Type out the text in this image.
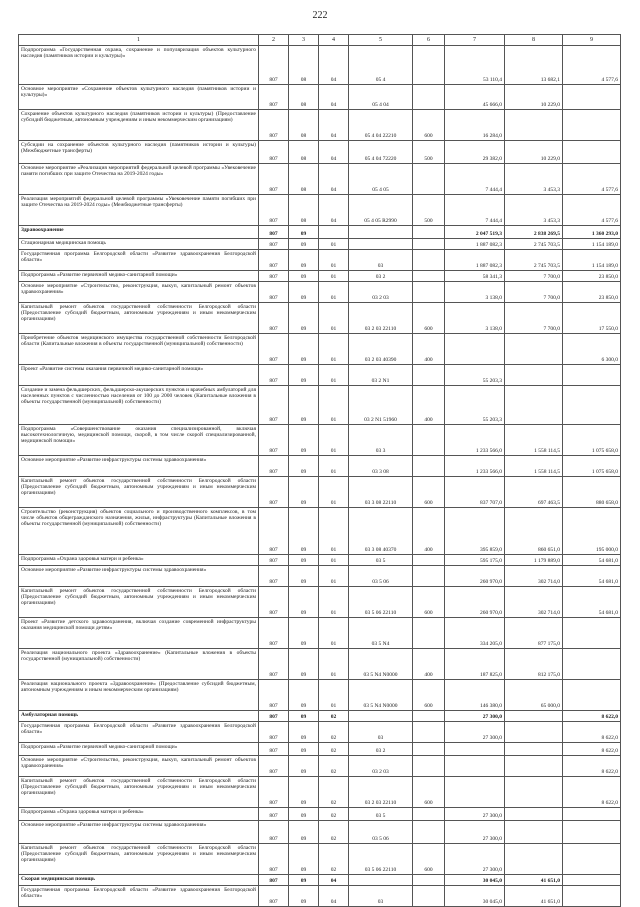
222
1	2	3	4	5	6	7	8	9
Подпрограмма «Государственная охрана, сохранение и популяризация объектов культурного наследия (памятников истории и культуры)»	807	08	04	05 4		53 110,4	13 682,1	4 577,6
Основное мероприятие «Сохранение объектов культурного наследия (памятников истории и культуры)»	807	08	04	05 4 04		45 666,0	10 229,0	
Сохранение объектов культурного наследия (памятников истории и культуры) (Предоставление субсидий бюджетным, автономным учреждениям и иным некоммерческим организациям)	807	08	04	05 4 04 22210	600	16 284,0		
Субсидии на сохранение объектов культурного наследия (памятников истории и культуры) (Межбюджетные трансферты)	807	08	04	05 4 04 72220	500	29 382,0	10 229,0	
Основное мероприятие «Реализация мероприятий федеральной целевой программы «Увековечение памяти погибших при защите Отечества на 2019-2024 годы»	807	08	04	05 4 05		7 444,4	3 453,3	4 577,6
Реализация мероприятий федеральной целевой программы «Увековечение памяти погибших при защите Отечества на 2019-2024 годы» (Межбюджетные трансферты)	807	08	04	05 4 05 R2990	500	7 444,4	3 453,3	4 577,6
Здравоохранение	807	09				2 047 519,3	2 838 269,5	1 360 293,0
Стационарная медицинская помощь	807	09	01			1 887 082,3	2 745 703,5	1 154 189,0
Государственная программа Белгородской области «Развитие здравоохранения Белгородской области»	807	09	01	03		1 887 082,3	2 745 703,5	1 154 189,0
Подпрограмма «Развитие первичной медико-санитарной помощи»	807	09	01	03 2		58 341,3	7 700,0	23 850,0
Основное мероприятие «Строительство, реконструкция, выкуп, капитальный ремонт объектов здравоохранения»	807	09	01	03 2 03		3 138,0	7 700,0	23 850,0
Капитальный ремонт объектов государственной собственности Белгородской области (Предоставление субсидий бюджетным, автономным учреждениям и иным некоммерческим организациям)	807	09	01	03 2 03 22110	600	3 138,0	7 700,0	17 550,0
Приобретение объектов медицинского имущества государственной собственности Белгородской области (Капитальные вложения в объекты государственной (муниципальной) собственности)	807	09	01	03 2 03 40390	400			6 300,0
Проект «Развитие системы оказания первичной медико-санитарной помощи»	807	09	01	03 2 N1		55 203,3		
Создание и замена фельдшерских, фельдшерско-акушерских пунктов и врачебных амбулаторий для населенных пунктов с численностью населения от 100 до 2000 человек (Капитальные вложения в объекты государственной (муниципальной) собственности)	807	09	01	03 2 N1 51960	400	55 203,3		
Подпрограмма «Совершенствование оказания специализированной, включая высокотехнологичную, медицинской помощи, скорой, в том числе скорой специализированной, медицинской помощи»	807	09	01	03 3		1 233 566,0	1 558 114,5	1 075 658,0
Основное мероприятие «Развитие инфраструктуры системы здравоохранения»	807	09	01	03 3 08		1 233 566,0	1 558 114,5	1 075 658,0
Капитальный ремонт объектов государственной собственности Белгородской области (Предоставление субсидий бюджетным, автономным учреждениям и иным некоммерческим организациям)	807	09	01	03 3 08 22110	600	837 707,0	697 463,5	880 658,0
Строительство (реконструкция) объектов социального и производственного комплексов, в том числе объектов общегражданского назначения, жилья, инфраструктуры (Капитальные вложения в объекты государственной (муниципальной) собственности)	807	09	01	03 3 08 40370	400	395 859,0	860 651,0	195 000,0
Подпрограмма «Охрана здоровья матери и ребенка»	807	09	01	03 5		595 175,0	1 179 889,0	54 681,0
Основное мероприятие «Развитие инфраструктуры системы здравоохранения»	807	09	01	03 5 06		260 970,0	302 714,0	54 681,0
Капитальный ремонт объектов государственной собственности Белгородской области (Предоставление субсидий бюджетным, автономным учреждениям и иным некоммерческим организациям)	807	09	01	03 5 06 22110	600	260 970,0	302 714,0	54 681,0
Проект «Развитие детского здравоохранения, включая создание современной инфраструктуры оказания медицинской помощи детям»	807	09	01	03 5 N4		334 205,0	877 175,0	
Реализация национального проекта «Здравоохранение» (Капитальные вложения в объекты государственной (муниципальной) собственности)	807	09	01	03 5 N4 N0000	400	187 825,0	812 175,0	
Реализация национального проекта «Здравоохранение» (Предоставление субсидий бюджетным, автономным учреждениям и иным некоммерческим организациям)	807	09	01	03 5 N4 N0000	600	146 380,0	65 000,0	
Амбулаторная помощь	807	09	02			27 300,0		8 622,0
Государственная программа Белгородской области «Развитие здравоохранения Белгородской области»	807	09	02	03		27 300,0		8 622,0
Подпрограмма «Развитие первичной медико-санитарной помощи»	807	09	02	03 2				8 622,0
Основное мероприятие «Строительство, реконструкция, выкуп, капитальный ремонт объектов здравоохранения»	807	09	02	03 2 03				8 622,0
Капитальный ремонт объектов государственной собственности Белгородской области (Предоставление субсидий бюджетным, автономным учреждениям и иным некоммерческим организациям)	807	09	02	03 2 03 22110	600			8 622,0
Подпрограмма «Охрана здоровья матери и ребенка»	807	09	02	03 5		27 300,0		
Основное мероприятие «Развитие инфраструктуры системы здравоохранения»	807	09	02	03 5 06		27 300,0		
Капитальный ремонт объектов государственной собственности Белгородской области (Предоставление субсидий бюджетным, автономным учреждениям и иным некоммерческим организациям)	807	09	02	03 5 06 22110	600	27 300,0		
Скорая медицинская помощь	807	09	04			30 045,0	41 651,0	
Государственная программа Белгородской области «Развитие здравоохранения Белгородской области»	807	09	04	03		30 045,0	41 651,0	
